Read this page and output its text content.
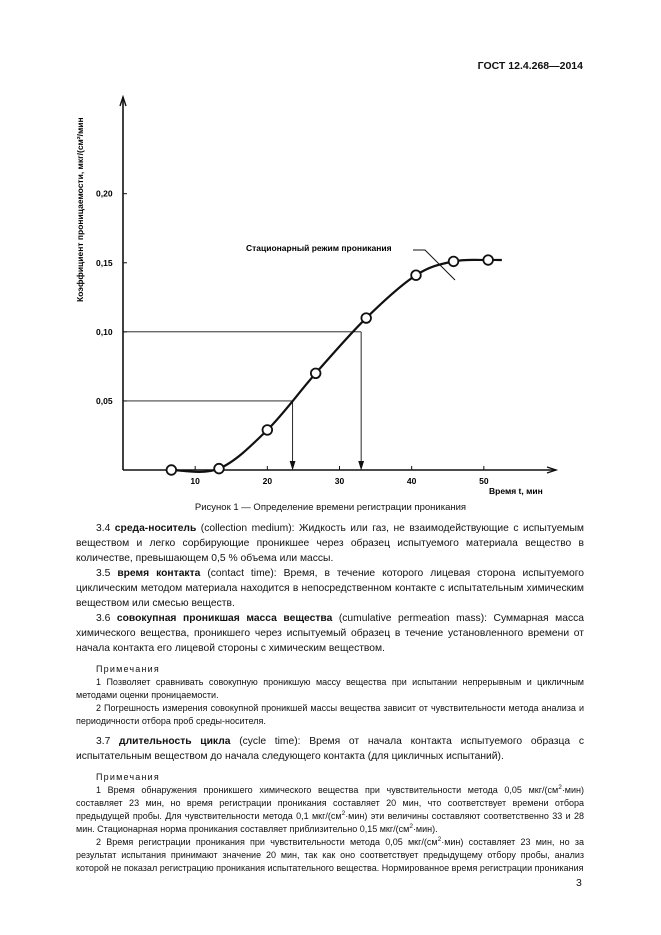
ГОСТ 12.4.268—2014
10	20	30	40	50
0,05
0,10
0,15
0,20
Коэффициент проницаемости, мкг/(см²/мин
Время t, мин
Стационарный режим проникания
Рисунок 1 — Определение времени регистрации проникания

3.4 среда-носитель (collection medium): Жидкость или газ, не взаимодействующие с испытуемым веществом и легко сорбирующие проникшее через образец испытуемого материала вещество в количестве, превышающем 0,5 % объема или массы.

3.5 время контакта (contact time): Время, в течение которого лицевая сторона испытуемого циклическим методом материала находится в непосредственном контакте с испытательным химическим веществом или смесью веществ.

3.6 совокупная проникшая масса вещества (cumulative permeation mass): Суммарная масса химического вещества, проникшего через испытуемый образец в течение установленного времени от начала контакта его лицевой стороны с химическим веществом.

Примечания

1 Позволяет сравнивать совокупную проникшую массу вещества при испытании непрерывным и цикличным методами оценки проницаемости.

2 Погрешность измерения совокупной проникшей массы вещества зависит от чувствительности метода анализа и периодичности отбора проб среды-носителя.

3.7 длительность цикла (cycle time): Время от начала контакта испытуемого образца с испытательным веществом до начала следующего контакта (для цикличных испытаний).

Примечания

1 Время обнаружения проникшего химического вещества при чувствительности метода 0,05 мкг/$(см^2\cdot мин)$ составляет 23 мин, но время регистрации проникания составляет 20 мин, что соответствует времени отбора предыдущей пробы. Для чувствительности метода 0,1 мкг/$(см^2\cdot мин)$ эти величины составляют соответственно 33 и 28 мин. Стационарная норма проникания составляет приблизительно 0,15 мкг/$(см^2\cdot мин)$.

2 Время регистрации проникания при чувствительности метода 0,05 мкг/$(см^2\cdot мин)$ составляет 23 мин, но за результат испытания принимают значение 20 мин, так как оно соответствует предыдущему отбору пробы, анализ которой не показал регистрацию проникания испытательного вещества. Нормированное время регистрации проникания

3
